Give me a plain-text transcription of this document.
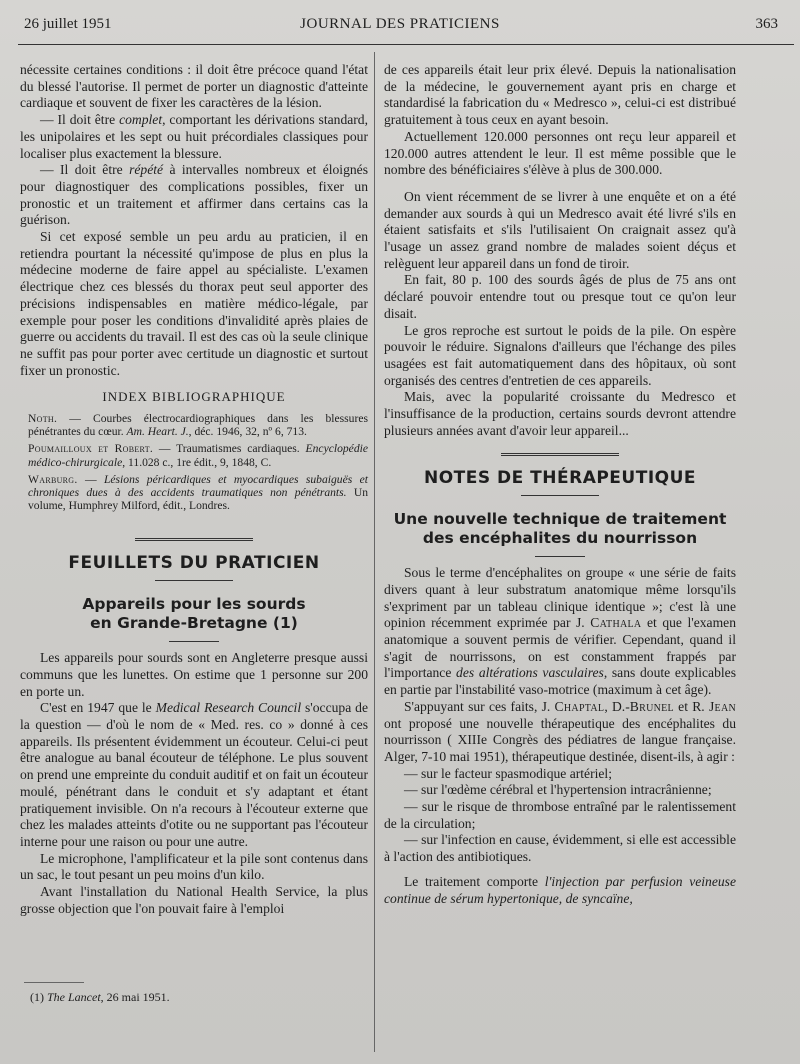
26 juillet 1951	JOURNAL DES PRATICIENS	363

nécessite certaines conditions : il doit être précoce quand l'état du blessé l'autorise. Il permet de porter un diagnostic d'atteinte cardiaque et souvent de fixer les caractères de la lésion.

— Il doit être complet, comportant les dérivations standard, les unipolaires et les sept ou huit précordiales classiques pour localiser plus exactement la blessure.

— Il doit être répété à intervalles nombreux et éloignés pour diagnostiquer des complications possibles, fixer un pronostic et un traitement et affirmer dans certains cas la guérison.

Si cet exposé semble un peu ardu au praticien, il en retiendra pourtant la nécessité qu'impose de plus en plus la médecine moderne de faire appel au spécialiste. L'examen électrique chez ces blessés du thorax peut seul apporter des précisions indispensables en matière médico-légale, par exemple pour poser les conditions d'invalidité après plaies de guerre ou accidents du travail. Il est des cas où la seule clinique ne suffit pas pour porter avec certitude un diagnostic et surtout fixer un pronostic.

INDEX BIBLIOGRAPHIQUE

Noth. — Courbes électrocardiographiques dans les blessures pénétrantes du cœur. Am. Heart. J., déc. 1946, 32, nº 6, 713.

Poumailloux et Robert. — Traumatismes cardiaques. Encyclopédie médico-chirurgicale, 11.028 c., 1re édit., 9, 1848, C.

Warburg. — Lésions péricardiques et myocardiques subaiguës et chroniques dues à des accidents traumatiques non pénétrants. Un volume, Humphrey Milford, édit., Londres.

FEUILLETS DU PRATICIEN
Appareils pour les sourds
en Grande-Bretagne (1)

Les appareils pour sourds sont en Angleterre presque aussi communs que les lunettes. On estime que 1 personne sur 200 en porte un.

C'est en 1947 que le Medical Research Council s'occupa de la question — d'où le nom de « Med. res. co » donné à ces appareils. Ils présentent évidemment un écouteur. Celui-ci peut être analogue au banal écouteur de téléphone. Le plus souvent on prend une empreinte du conduit auditif et on fait un écouteur moulé, pénétrant dans le conduit et s'y adaptant et étant pratiquement invisible. On n'a recours à l'écouteur externe que chez les malades atteints d'otite ou ne supportant pas l'écouteur interne pour une raison ou pour une autre.

Le microphone, l'amplificateur et la pile sont contenus dans un sac, le tout pesant un peu moins d'un kilo.

Avant l'installation du National Health Service, la plus grosse objection que l'on pouvait faire à l'emploi

(1) The Lancet, 26 mai 1951.

de ces appareils était leur prix élevé. Depuis la nationalisation de la médecine, le gouvernement ayant pris en charge et standardisé la fabrication du « Medresco », celui-ci est distribué gratuitement à tous ceux en ayant besoin.

Actuellement 120.000 personnes ont reçu leur appareil et 120.000 autres attendent le leur. Il est même possible que le nombre des bénéficiaires s'élève à plus de 300.000.

On vient récemment de se livrer à une enquête et on a été demander aux sourds à qui un Medresco avait été livré s'ils en étaient satisfaits et s'ils l'utilisaient On craignait assez qu'à l'usage un assez grand nombre de malades soient déçus et relèguent leur appareil dans un fond de tiroir.

En fait, 80 p. 100 des sourds âgés de plus de 75 ans ont déclaré pouvoir entendre tout ou presque tout ce qu'on leur disait.

Le gros reproche est surtout le poids de la pile. On espère pouvoir le réduire. Signalons d'ailleurs que l'échange des piles usagées est fait automatiquement dans des hôpitaux, où sont organisés des centres d'entretien de ces appareils.

Mais, avec la popularité croissante du Medresco et l'insuffisance de la production, certains sourds devront attendre plusieurs années avant d'avoir leur appareil...

NOTES DE THÉRAPEUTIQUE
Une nouvelle technique de traitement
des encéphalites du nourrisson

Sous le terme d'encéphalites on groupe « une série de faits divers quant à leur substratum anatomique même lorsqu'ils s'expriment par un tableau clinique identique »; c'est là une opinion récemment exprimée par J. Cathala et que l'examen anatomique a souvent permis de vérifier. Cependant, quand il s'agit de nourrissons, on est constamment frappés par l'importance des altérations vasculaires, sans doute explicables en partie par l'instabilité vaso-motrice (maximum à cet âge).

S'appuyant sur ces faits, J. Chaptal, D.-Brunel et R. Jean ont proposé une nouvelle thérapeutique des encéphalites du nourrisson ( XIIIe Congrès des pédiatres de langue française. Alger, 7-10 mai 1951), thérapeutique destinée, disent-ils, à agir :

— sur le facteur spasmodique artériel;

— sur l'œdème cérébral et l'hypertension intracrânienne;

— sur le risque de thrombose entraîné par le ralentissement de la circulation;

— sur l'infection en cause, évidemment, si elle est accessible à l'action des antibiotiques.

Le traitement comporte l'injection par perfusion veineuse continue de sérum hypertonique, de syncaïne,
